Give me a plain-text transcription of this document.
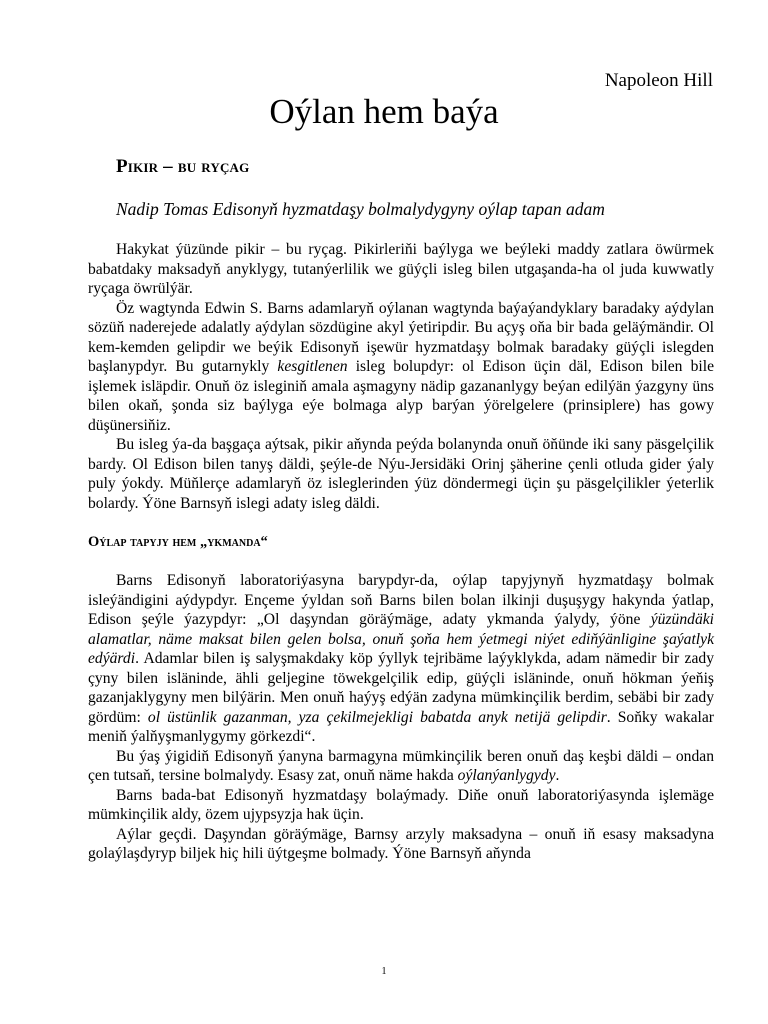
Napoleon Hill

Oýlan hem baýa
Pikir – bu ryçag

Nadip Tomas Edisonyň hyzmatdaşy bolmalydygyny oýlap tapan adam

Hakykat ýüzünde pikir – bu ryçag. Pikirleriňi baýlyga we beýleki maddy zatlara öwürmek babatdaky maksadyň anyklygy, tutanýerlilik we güýçli isleg bilen utgaşanda-ha ol juda kuwwatly ryçaga öwrülýär.

Öz wagtynda Edwin S. Barns adamlaryň oýlanan wagtynda baýaýandyklary baradaky aýdylan sözüň naderejede adalatly aýdylan sözdügine akyl ýetiripdir. Bu açyş oňa bir bada geläýmändir. Ol kem-kemden gelipdir we beýik Edisonyň işewür hyzmatdaşy bolmak baradaky güýçli islegden başlanypdyr. Bu gutarnykly kesgitlenen isleg bolupdyr: ol Edison üçin däl, Edison bilen bile işlemek isläpdir. Onuň öz isleginiň amala aşmagyny nädip gazananlygy beýan edilýän ýazgyny üns bilen okaň, şonda siz baýlyga eýe bolmaga alyp barýan ýörelgelere (prinsiplere) has gowy düşünersiňiz.

Bu isleg ýa-da başgaça aýtsak, pikir aňynda peýda bolanynda onuň öňünde iki sany päsgelçilik bardy. Ol Edison bilen tanyş däldi, şeýle-de Nýu-Jersidäki Orinj şäherine çenli otluda gider ýaly puly ýokdy. Müňlerçe adamlaryň öz isleglerinden ýüz döndermegi üçin şu päsgelçilikler ýeterlik bolardy. Ýöne Barnsyň islegi adaty isleg däldi.

Oýlap tapyjy hem „ykmanda“

Barns Edisonyň laboratoriýasyna barypdyr-da, oýlap tapyjynyň hyzmatdaşy bolmak isleýändigini aýdypdyr. Ençeme ýyldan soň Barns bilen bolan ilkinji duşuşygy hakynda ýatlap, Edison şeýle ýazypdyr: „Ol daşyndan göräýmäge, adaty ykmanda ýalydy, ýöne ýüzündäki alamatlar, näme maksat bilen gelen bolsa, onuň şoňa hem ýetmegi niýet ediňýänligine şaýatlyk edýärdi. Adamlar bilen iş salyşmakdaky köp ýyllyk tejribäme laýyklykda, adam nämedir bir zady çyny bilen isläninde, ähli geljegine töwekgelçilik edip, güýçli isläninde, onuň hökman ýeňiş gazanjaklygyny men bilýärin. Men onuň haýyş edýän zadyna mümkinçilik berdim, sebäbi bir zady gördüm: ol üstünlik gazanman, yza çekilmejekligi babatda anyk netijä gelipdir. Soňky wakalar meniň ýalňyşmanlygymy görkezdi“.

Bu ýaş ýigidiň Edisonyň ýanyna barmagyna mümkinçilik beren onuň daş keşbi däldi – ondan çen tutsaň, tersine bolmalydy. Esasy zat, onuň näme hakda oýlanýanlygydy.

Barns bada-bat Edisonyň hyzmatdaşy bolaýmady. Diňe onuň laboratoriýasynda işlemäge mümkinçilik aldy, özem ujypsyzja hak üçin.

Aýlar geçdi. Daşyndan göräýmäge, Barnsy arzyly maksadyna – onuň iň esasy maksadyna golaýlaşdyryp biljek hiç hili üýtgeşme bolmady. Ýöne Barnsyň aňynda

1
